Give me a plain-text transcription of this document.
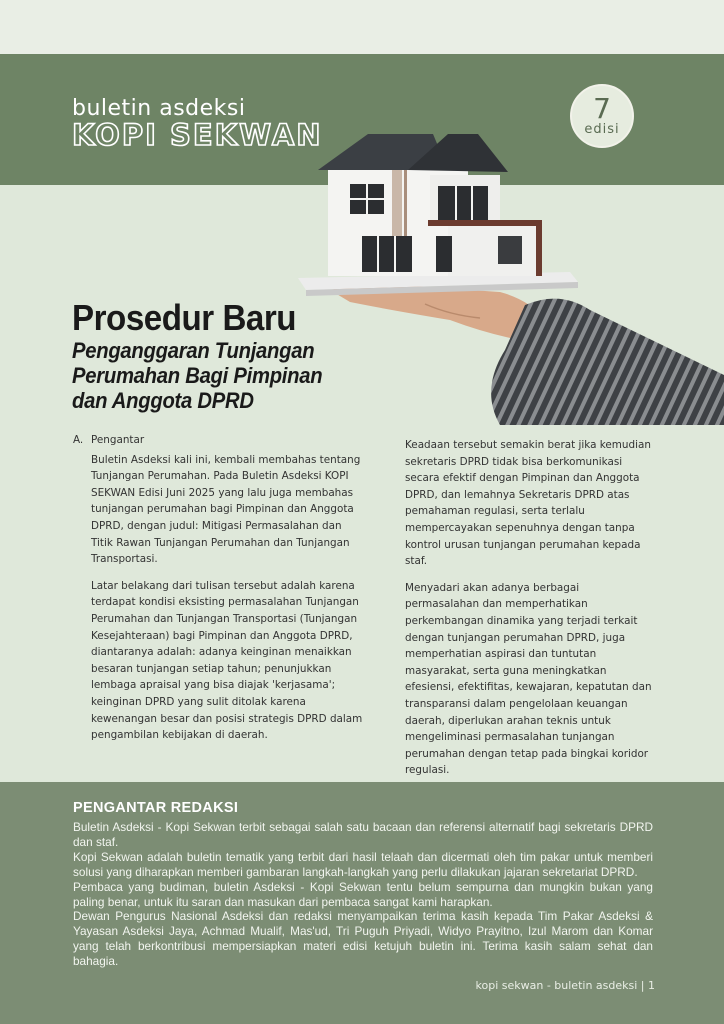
buletin asdeksi
KOPI SEKWAN
7
edisi
Prosedur Baru
Penganggaran Tunjangan
Perumahan Bagi Pimpinan
dan Anggota DPRD
A. Pengantar

Buletin Asdeksi kali ini, kembali membahas tentang Tunjangan Perumahan. Pada Buletin Asdeksi KOPI SEKWAN Edisi Juni 2025 yang lalu juga membahas tunjangan perumahan bagi Pimpinan dan Anggota DPRD, dengan judul: Mitigasi Permasalahan dan Titik Rawan Tunjangan Perumahan dan Tunjangan Transportasi.

Latar belakang dari tulisan tersebut adalah karena terdapat kondisi eksisting permasalahan Tunjangan Perumahan dan Tunjangan Transportasi (Tunjangan Kesejahteraan) bagi Pimpinan dan Anggota DPRD, diantaranya adalah: adanya keinginan menaikkan besaran tunjangan setiap tahun; penunjukkan lembaga apraisal yang bisa diajak 'kerjasama'; keinginan DPRD yang sulit ditolak karena kewenangan besar dan posisi strategis DPRD dalam pengambilan kebijakan di daerah.

Keadaan tersebut semakin berat jika kemudian sekretaris DPRD tidak bisa berkomunikasi secara efektif dengan Pimpinan dan Anggota DPRD, dan lemahnya Sekretaris DPRD atas pemahaman regulasi, serta terlalu mempercayakan sepenuhnya dengan tanpa kontrol urusan tunjangan perumahan kepada staf.

Menyadari akan adanya berbagai permasalahan dan memperhatikan perkembangan dinamika yang terjadi terkait dengan tunjangan perumahan DPRD, juga memperhatian aspirasi dan tuntutan masyarakat, serta guna meningkatkan efesiensi, efektifitas, kewajaran, kepatutan dan transparansi dalam pengelolaan keuangan daerah, diperlukan arahan teknis untuk mengeliminasi permasalahan tunjangan perumahan dengan tetap pada bingkai koridor regulasi.

PENGANTAR REDAKSI

Buletin Asdeksi - Kopi Sekwan terbit sebagai salah satu bacaan dan referensi alternatif bagi sekretaris DPRD dan staf.

Kopi Sekwan adalah buletin tematik yang terbit dari hasil telaah dan dicermati oleh tim pakar untuk memberi solusi yang diharapkan memberi gambaran langkah-langkah yang perlu dilakukan jajaran sekretariat DPRD.

Pembaca yang budiman, buletin Asdeksi - Kopi Sekwan tentu belum sempurna dan mungkin bukan yang paling benar, untuk itu saran dan masukan dari pembaca sangat kami harapkan.

Dewan Pengurus Nasional Asdeksi dan redaksi menyampaikan terima kasih kepada Tim Pakar Asdeksi & Yayasan Asdeksi Jaya, Achmad Mualif, Mas'ud, Tri Puguh Priyadi, Widyo Prayitno, Izul Marom dan Komar yang telah berkontribusi mempersiapkan materi edisi ketujuh buletin ini. Terima kasih salam sehat dan bahagia.

kopi sekwan - buletin asdeksi | 1
